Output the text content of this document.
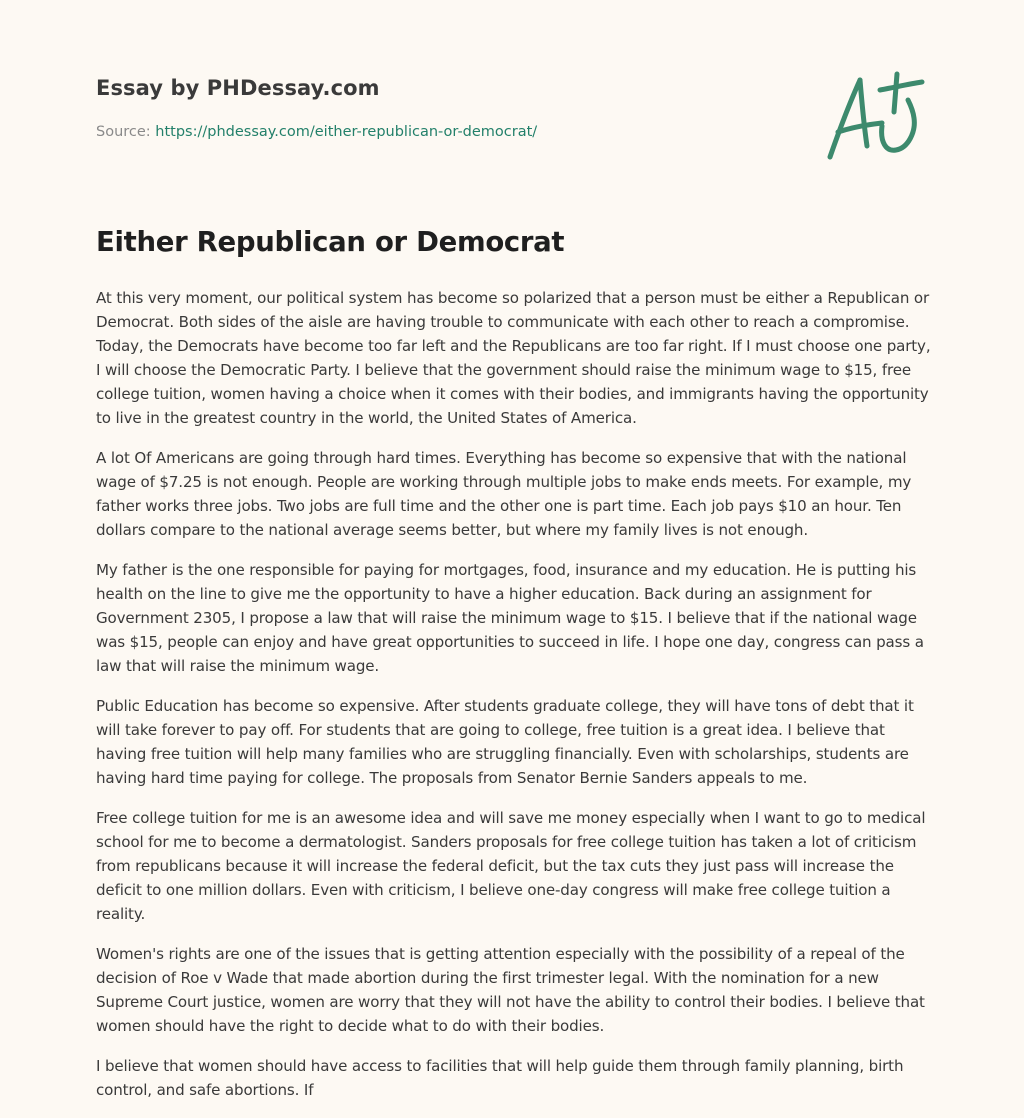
Essay by PHDessay.com
Source: https://phdessay.com/either-republican-or-democrat/
Either Republican or Democrat

At this very moment, our political system has become so polarized that a person must be either a Republican or Democrat. Both sides of the aisle are having trouble to communicate with each other to reach a compromise. Today, the Democrats have become too far left and the Republicans are too far right. If I must choose one party, I will choose the Democratic Party. I believe that the government should raise the minimum wage to $15, free college tuition, women having a choice when it comes with their bodies, and immigrants having the opportunity to live in the greatest country in the world, the United States of America.

A lot Of Americans are going through hard times. Everything has become so expensive that with the national wage of $7.25 is not enough. People are working through multiple jobs to make ends meets. For example, my father works three jobs. Two jobs are full time and the other one is part time. Each job pays $10 an hour. Ten dollars compare to the national average seems better, but where my family lives is not enough.

My father is the one responsible for paying for mortgages, food, insurance and my education. He is putting his health on the line to give me the opportunity to have a higher education. Back during an assignment for Government 2305, I propose a law that will raise the minimum wage to $15. I believe that if the national wage was $15, people can enjoy and have great opportunities to succeed in life. I hope one day, congress can pass a law that will raise the minimum wage.

Public Education has become so expensive. After students graduate college, they will have tons of debt that it will take forever to pay off. For students that are going to college, free tuition is a great idea. I believe that having free tuition will help many families who are struggling financially. Even with scholarships, students are having hard time paying for college. The proposals from Senator Bernie Sanders appeals to me.

Free college tuition for me is an awesome idea and will save me money especially when I want to go to medical school for me to become a dermatologist. Sanders proposals for free college tuition has taken a lot of criticism from republicans because it will increase the federal deficit, but the tax cuts they just pass will increase the deficit to one million dollars. Even with criticism, I believe one-day congress will make free college tuition a reality.

Women's rights are one of the issues that is getting attention especially with the possibility of a repeal of the decision of Roe v Wade that made abortion during the first trimester legal. With the nomination for a new Supreme Court justice, women are worry that they will not have the ability to control their bodies. I believe that women should have the right to decide what to do with their bodies.

I believe that women should have access to facilities that will help guide them through family planning, birth control, and safe abortions. If
